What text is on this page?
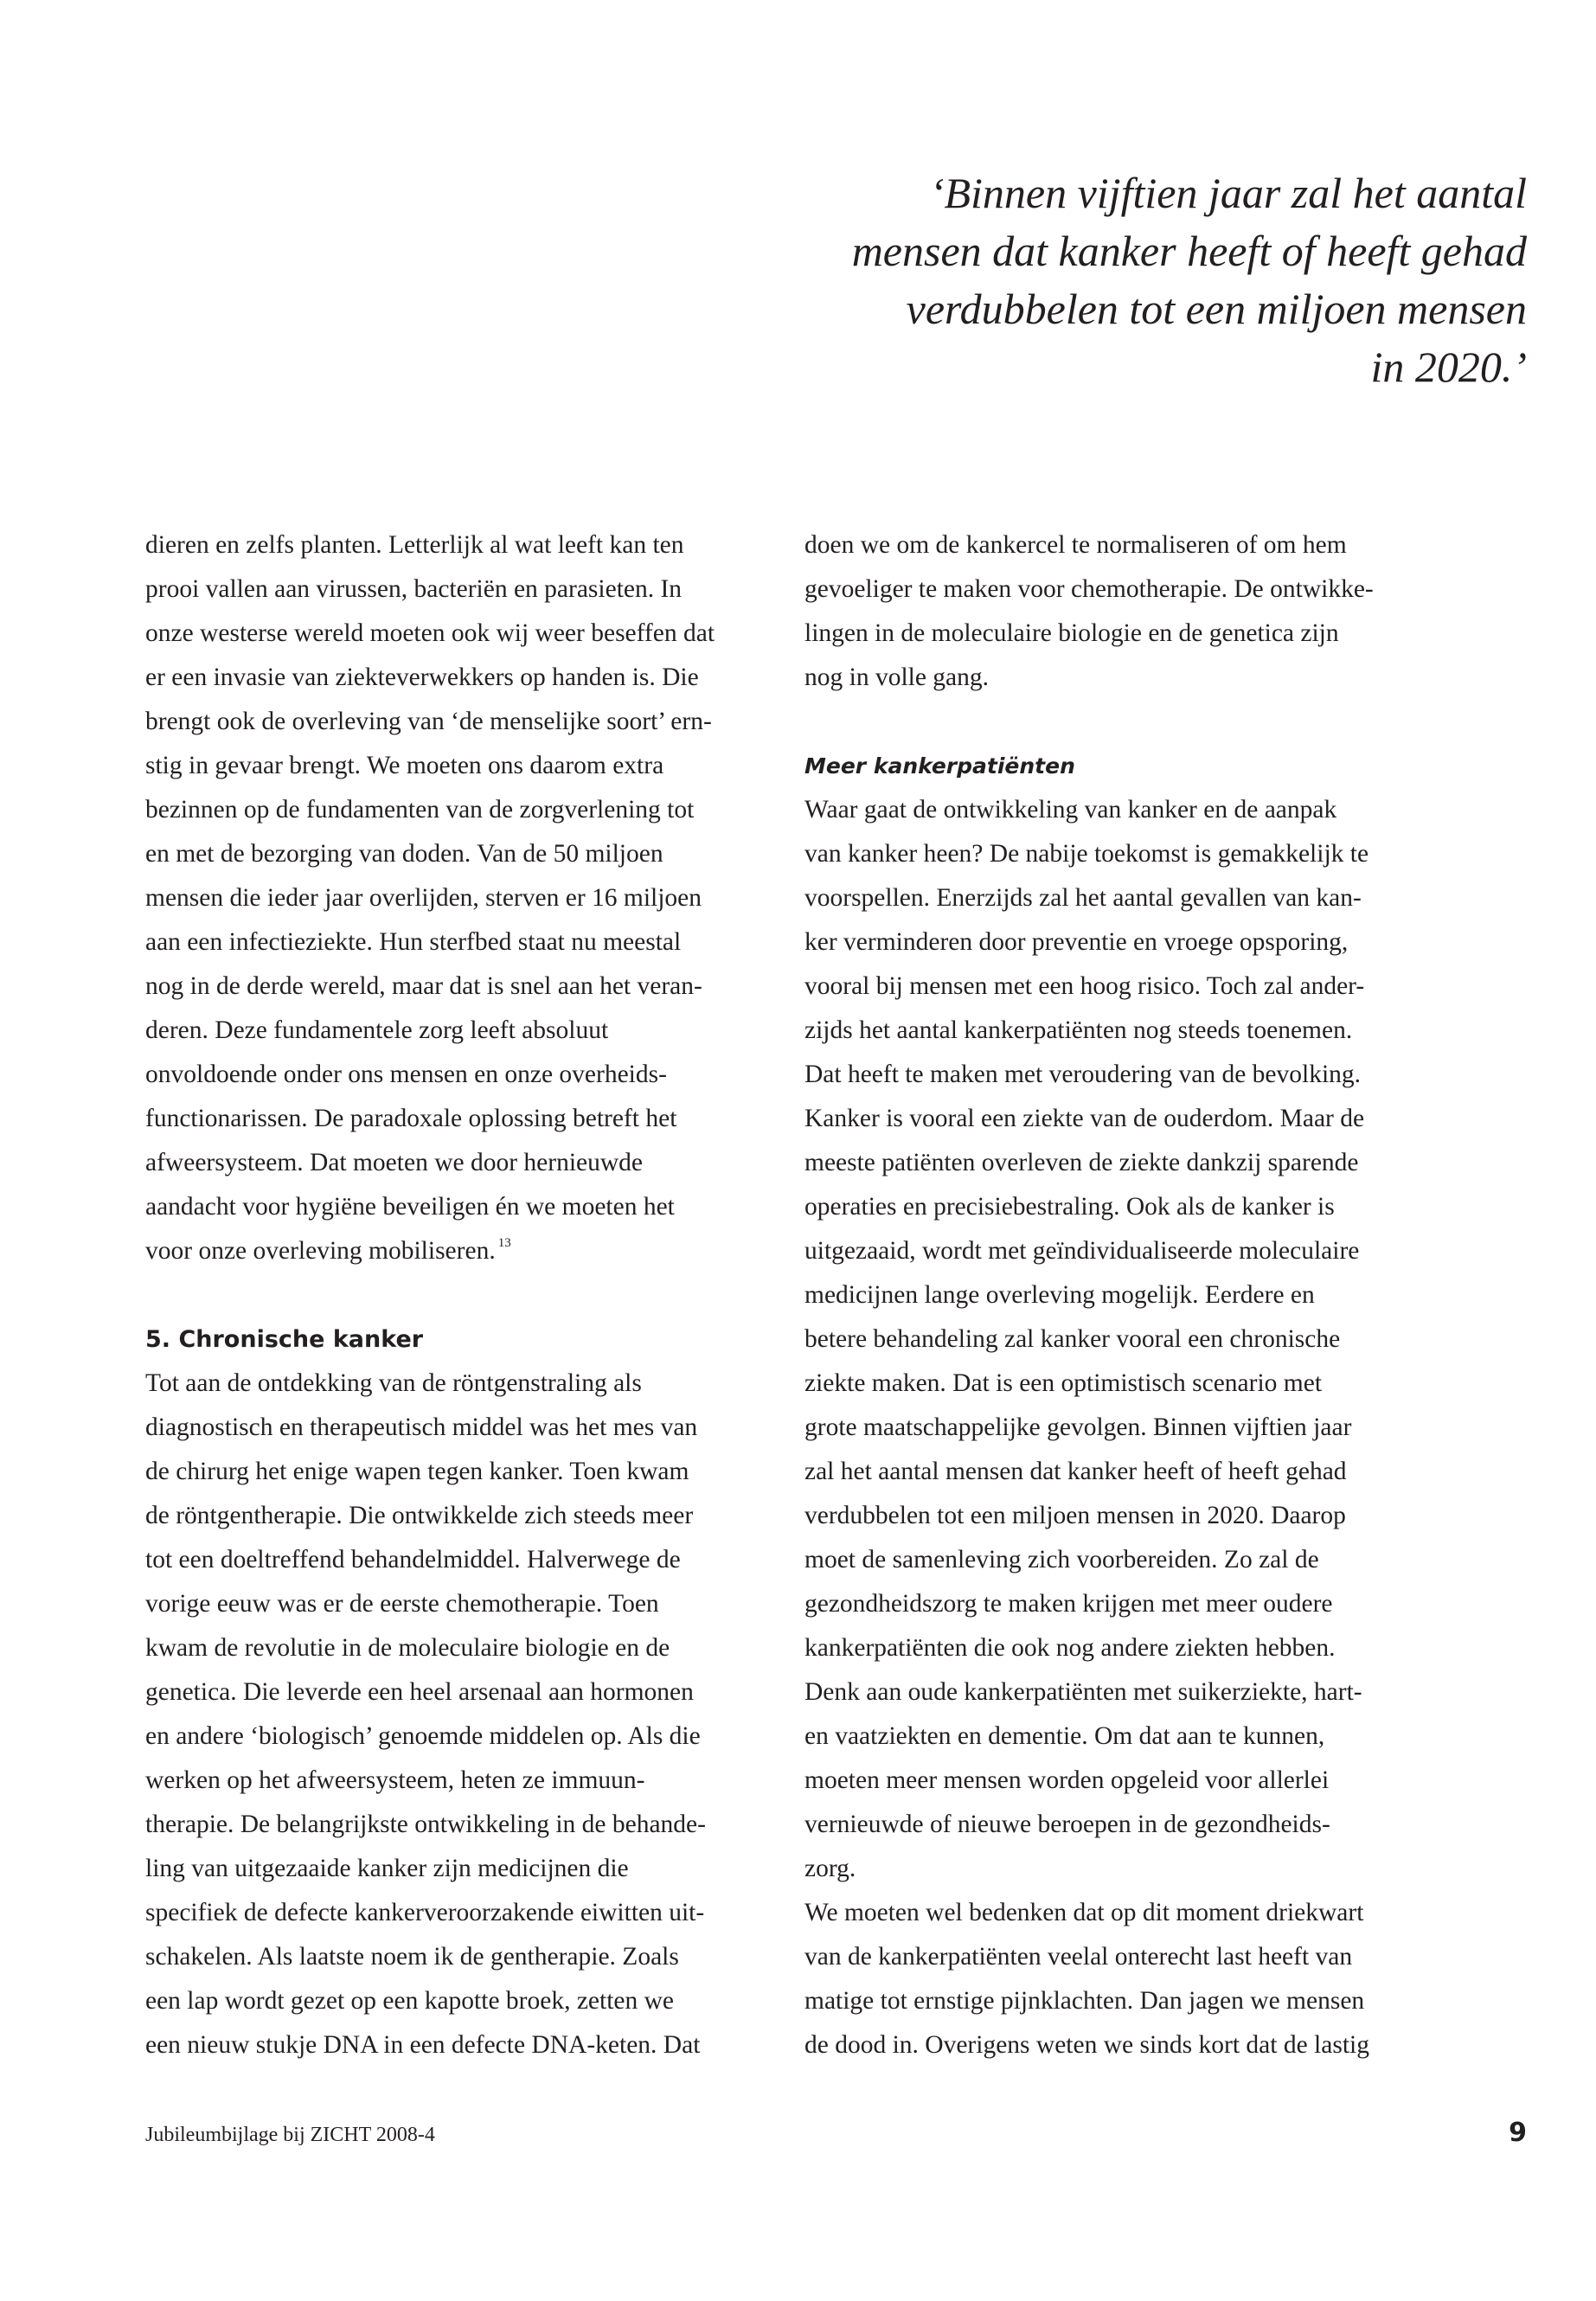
‘Binnen vijftien jaar zal het aantal
mensen dat kanker heeft of heeft gehad
verdubbelen tot een miljoen mensen
in 2020.’
dieren en zelfs planten. Letterlijk al wat leeft kan ten
prooi vallen aan virussen, bacteriën en parasieten. In
onze westerse wereld moeten ook wij weer beseffen dat
er een invasie van ziekteverwekkers op handen is. Die
brengt ook de overleving van ‘de menselijke soort’ ern-
stig in gevaar brengt. We moeten ons daarom extra
bezinnen op de fundamenten van de zorgverlening tot
en met de bezorging van doden. Van de 50 miljoen
mensen die ieder jaar overlijden, sterven er 16 miljoen
aan een infectieziekte. Hun sterfbed staat nu meestal
nog in de derde wereld, maar dat is snel aan het veran-
deren. Deze fundamentele zorg leeft absoluut
onvoldoende onder ons mensen en onze overheids-
functionarissen. De paradoxale oplossing betreft het
afweersysteem. Dat moeten we door hernieuwde
aandacht voor hygiëne beveiligen én we moeten het
voor onze overleving mobiliseren. $^{13}$
5. Chronische kanker
Tot aan de ontdekking van de röntgenstraling als
diagnostisch en therapeutisch middel was het mes van
de chirurg het enige wapen tegen kanker. Toen kwam
de röntgentherapie. Die ontwikkelde zich steeds meer
tot een doeltreffend behandelmiddel. Halverwege de
vorige eeuw was er de eerste chemotherapie. Toen
kwam de revolutie in de moleculaire biologie en de
genetica. Die leverde een heel arsenaal aan hormonen
en andere ‘biologisch’ genoemde middelen op. Als die
werken op het afweersysteem, heten ze immuun-
therapie. De belangrijkste ontwikkeling in de behande-
ling van uitgezaaide kanker zijn medicijnen die
specifiek de defecte kankerveroorzakende eiwitten uit-
schakelen. Als laatste noem ik de gentherapie. Zoals
een lap wordt gezet op een kapotte broek, zetten we
een nieuw stukje DNA in een defecte DNA-keten. Dat
doen we om de kankercel te normaliseren of om hem
gevoeliger te maken voor chemotherapie. De ontwikke-
lingen in de moleculaire biologie en de genetica zijn
nog in volle gang.
Meer kankerpatiënten
Waar gaat de ontwikkeling van kanker en de aanpak
van kanker heen? De nabije toekomst is gemakkelijk te
voorspellen. Enerzijds zal het aantal gevallen van kan-
ker verminderen door preventie en vroege opsporing,
vooral bij mensen met een hoog risico. Toch zal ander-
zijds het aantal kankerpatiënten nog steeds toenemen.
Dat heeft te maken met veroudering van de bevolking.
Kanker is vooral een ziekte van de ouderdom. Maar de
meeste patiënten overleven de ziekte dankzij sparende
operaties en precisiebestraling. Ook als de kanker is
uitgezaaid, wordt met geïndividualiseerde moleculaire
medicijnen lange overleving mogelijk. Eerdere en
betere behandeling zal kanker vooral een chronische
ziekte maken. Dat is een optimistisch scenario met
grote maatschappelijke gevolgen. Binnen vijftien jaar
zal het aantal mensen dat kanker heeft of heeft gehad
verdubbelen tot een miljoen mensen in 2020. Daarop
moet de samenleving zich voorbereiden. Zo zal de
gezondheidszorg te maken krijgen met meer oudere
kankerpatiënten die ook nog andere ziekten hebben.
Denk aan oude kankerpatiënten met suikerziekte, hart-
en vaatziekten en dementie. Om dat aan te kunnen,
moeten meer mensen worden opgeleid voor allerlei
vernieuwde of nieuwe beroepen in de gezondheids-
zorg.
We moeten wel bedenken dat op dit moment driekwart
van de kankerpatiënten veelal onterecht last heeft van
matige tot ernstige pijnklachten. Dan jagen we mensen
de dood in. Overigens weten we sinds kort dat de lastig
Jubileumbijlage bij ZICHT 2008-4	9
